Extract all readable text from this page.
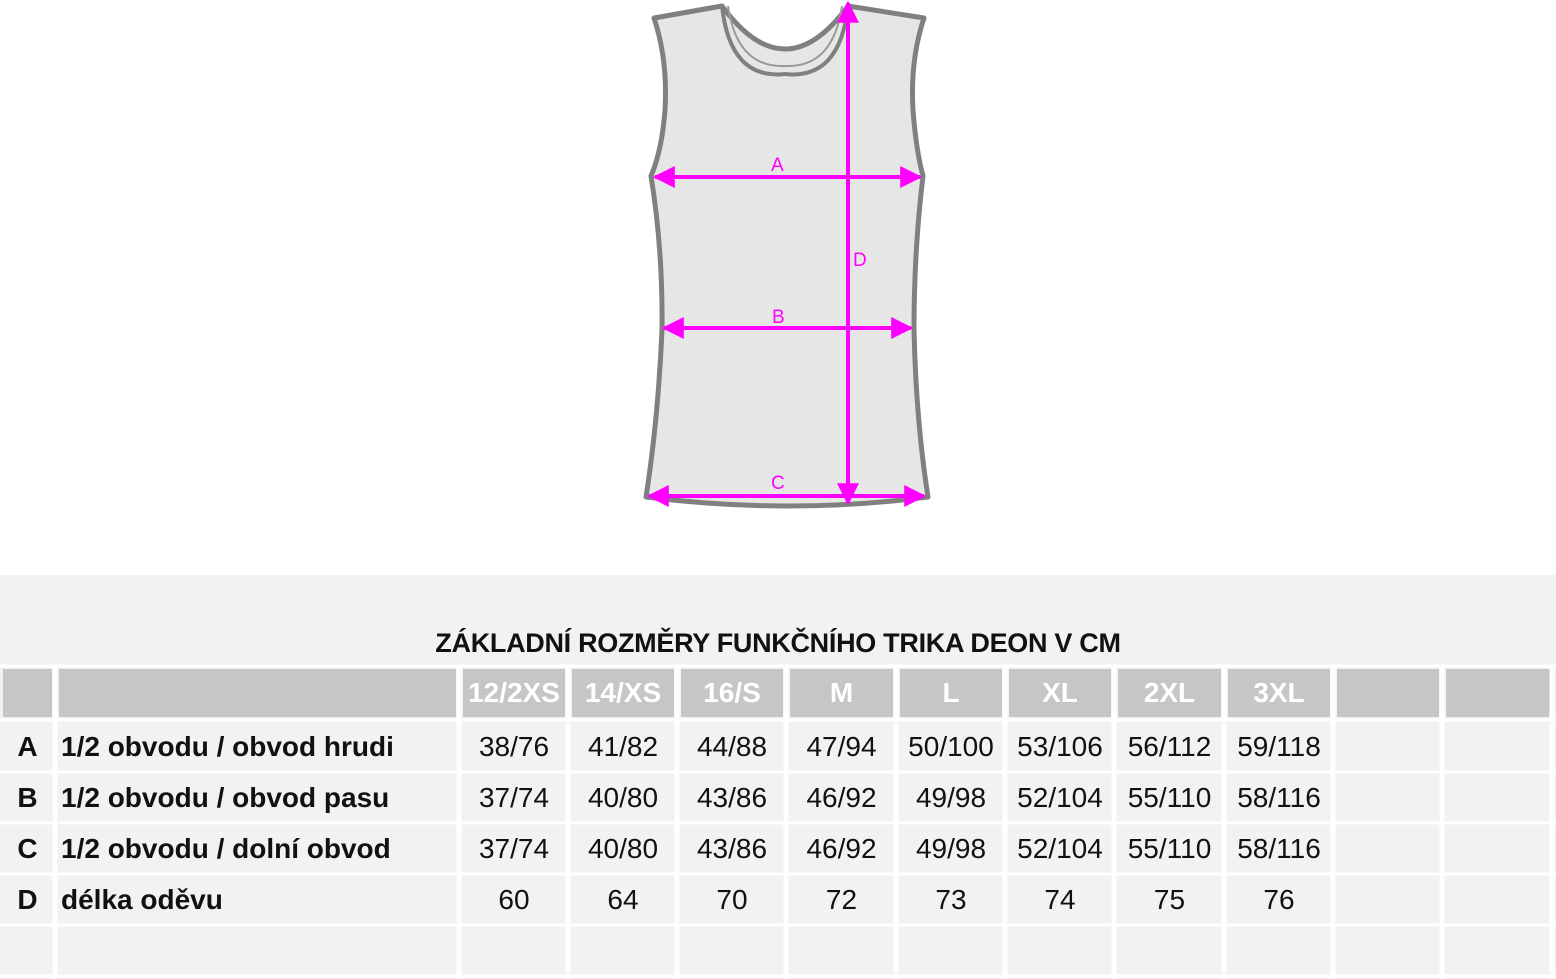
A
B
C
D
ZÁKLADNÍ ROZMĚRY FUNKČNÍHO TRIKA DEON V CM
12/2XS 14/XS	16/S	M	L	XL	2XL	3XL
A 1/2 obvodu / obvod hrudi	38/76	41/82	44/88	47/94	50/100 53/106 56/112 59/118
B 1/2 obvodu / obvod pasu	37/74	40/80	43/86	46/92	49/98	52/104 55/110 58/116
C 1/2 obvodu / dolní obvod	37/74	40/80	43/86	46/92	49/98	52/104 55/110 58/116
D délka oděvu	60	64	70	72	73	74	75	76
